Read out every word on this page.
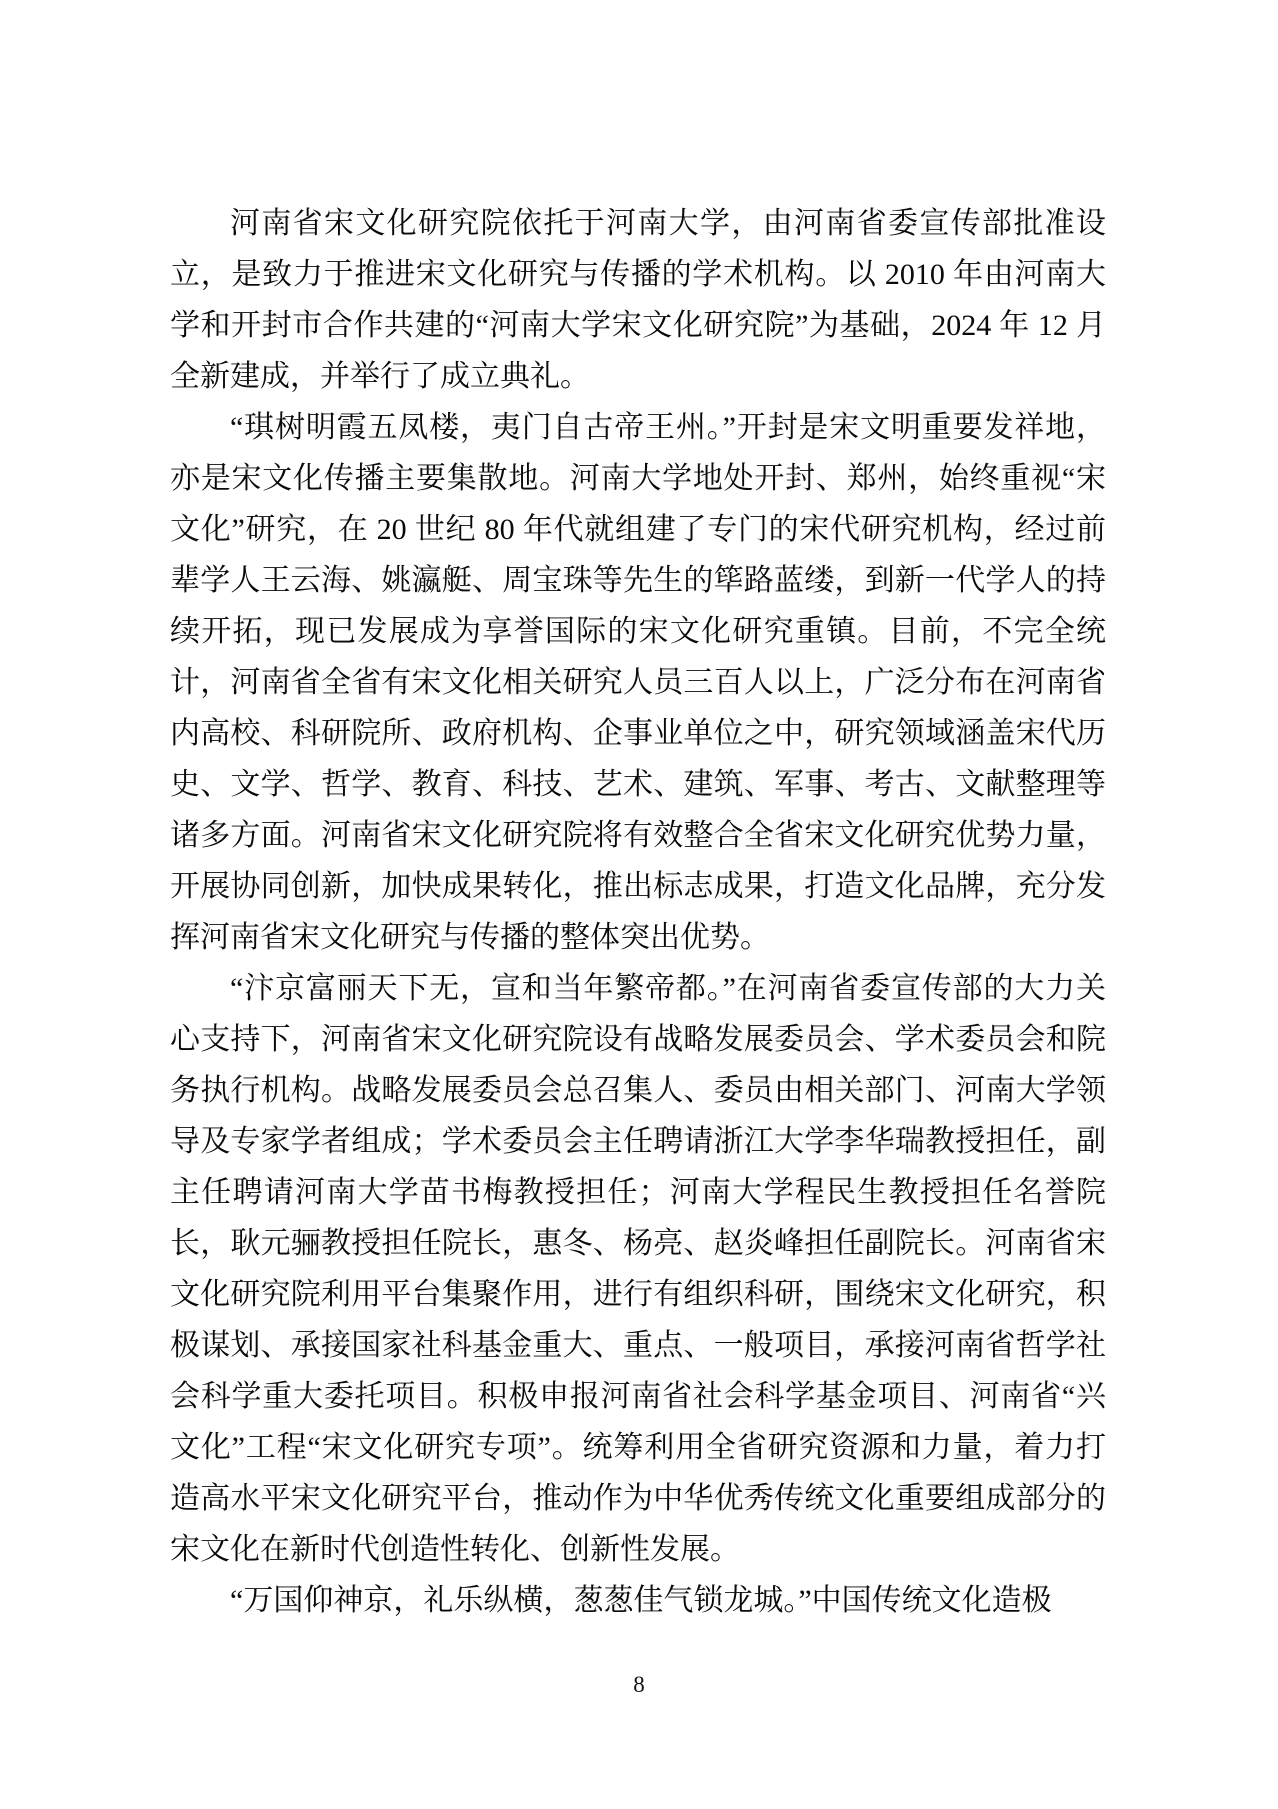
河南省宋文化研究院依托于河南大学，由河南省委宣传部批准设立，是致力于推进宋文化研究与传播的学术机构。以 2010 年由河南大学和开封市合作共建的“河南大学宋文化研究院”为基础，2024 年 12 月全新建成，并举行了成立典礼。

“琪树明霞五凤楼，夷门自古帝王州。”开封是宋文明重要发祥地，亦是宋文化传播主要集散地。河南大学地处开封、郑州，始终重视“宋文化”研究，在 20 世纪 80 年代就组建了专门的宋代研究机构，经过前辈学人王云海、姚瀛艇、周宝珠等先生的筚路蓝缕，到新一代学人的持续开拓，现已发展成为享誉国际的宋文化研究重镇。目前，不完全统计，河南省全省有宋文化相关研究人员三百人以上，广泛分布在河南省内高校、科研院所、政府机构、企事业单位之中，研究领域涵盖宋代历史、文学、哲学、教育、科技、艺术、建筑、军事、考古、文献整理等诸多方面。河南省宋文化研究院将有效整合全省宋文化研究优势力量，开展协同创新，加快成果转化，推出标志成果，打造文化品牌，充分发挥河南省宋文化研究与传播的整体突出优势。

“汴京富丽天下无，宣和当年繁帝都。”在河南省委宣传部的大力关心支持下，河南省宋文化研究院设有战略发展委员会、学术委员会和院务执行机构。战略发展委员会总召集人、委员由相关部门、河南大学领导及专家学者组成；学术委员会主任聘请浙江大学李华瑞教授担任，副主任聘请河南大学苗书梅教授担任；河南大学程民生教授担任名誉院长，耿元骊教授担任院长，惠冬、杨亮、赵炎峰担任副院长。河南省宋文化研究院利用平台集聚作用，进行有组织科研，围绕宋文化研究，积极谋划、承接国家社科基金重大、重点、一般项目，承接河南省哲学社会科学重大委托项目。积极申报河南省社会科学基金项目、河南省“兴文化”工程“宋文化研究专项”。统筹利用全省研究资源和力量，着力打造高水平宋文化研究平台，推动作为中华优秀传统文化重要组成部分的宋文化在新时代创造性转化、创新性发展。

“万国仰神京，礼乐纵横，葱葱佳气锁龙城。”中国传统文化造极

8
